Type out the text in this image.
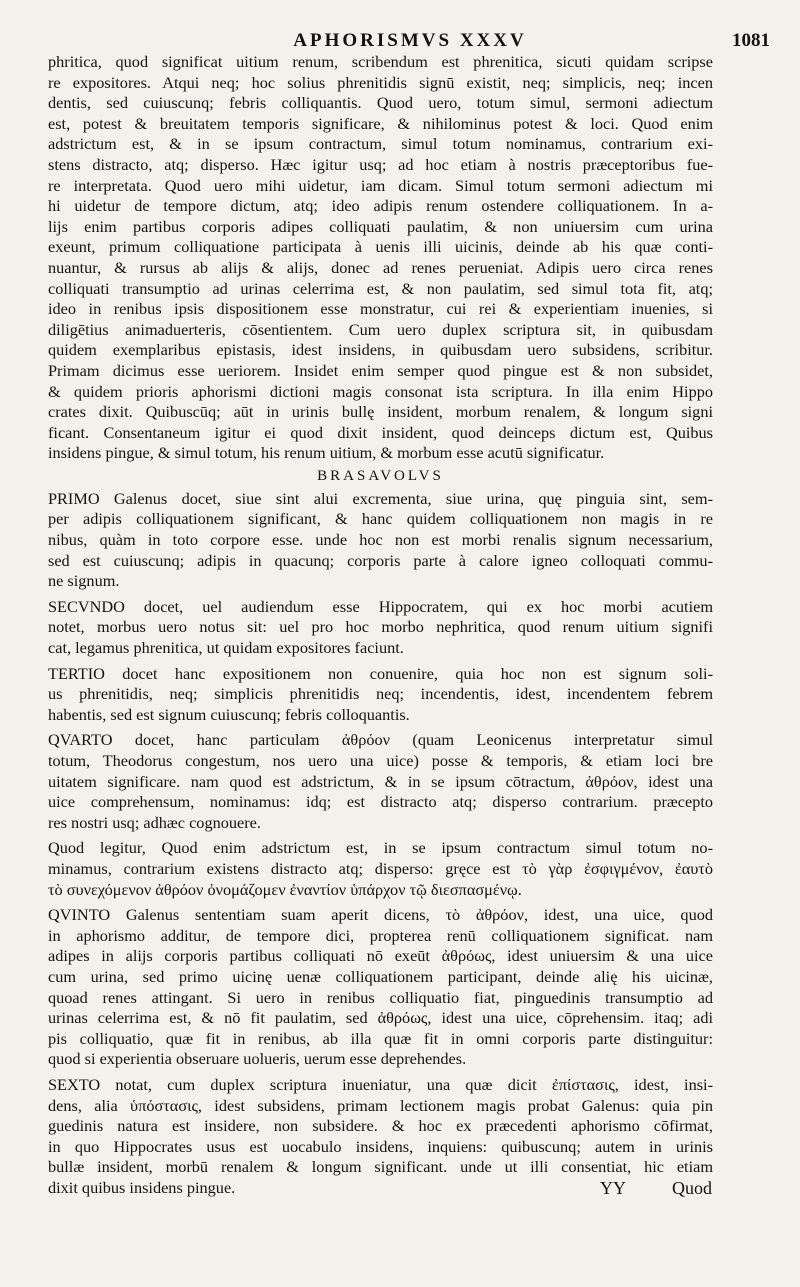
APHORISMVS XXXV	1081
phritica, quod significat uitium renum, scribendum est phrenitica, sicuti quidam scripse
re expositores. Atqui neq; hoc solius phrenitidis signū existit, neq; simplicis, neq; incen
dentis, sed cuiuscunq; febris colliquantis. Quod uero, totum simul, sermoni adiectum
est, potest & breuitatem temporis significare, & nihilominus potest & loci. Quod enim
adstrictum est, & in se ipsum contractum, simul totum nominamus, contrarium exi-
stens distracto, atq; disperso. Hæc igitur usq; ad hoc etiam à nostris præceptoribus fue-
re interpretata. Quod uero mihi uidetur, iam dicam. Simul totum sermoni adiectum mi
hi uidetur de tempore dictum, atq; ideo adipis renum ostendere colliquationem. In a-
lijs enim partibus corporis adipes colliquati paulatim, & non uniuersim cum urina
exeunt, primum colliquatione participata à uenis illi uicinis, deinde ab his quæ conti-
nuantur, & rursus ab alijs & alijs, donec ad renes perueniat. Adipis uero circa renes
colliquati transumptio ad urinas celerrima est, & non paulatim, sed simul tota fit, atq;
ideo in renibus ipsis dispositionem esse monstratur, cui rei & experientiam inuenies, si
diligētius animaduerteris, cōsentientem. Cum uero duplex scriptura sit, in quibusdam
quidem exemplaribus epistasis, idest insidens, in quibusdam uero subsidens, scribitur.
Primam dicimus esse ueriorem. Insidet enim semper quod pingue est & non subsidet,
& quidem prioris aphorismi dictioni magis consonat ista scriptura. In illa enim Hippo
crates dixit. Quibuscūq; aūt in urinis bullę insident, morbum renalem, & longum signi
ficant. Consentaneum igitur ei quod dixit insident, quod deinceps dictum est, Quibus
insidens pingue, & simul totum, his renum uitium, & morbum esse acutū significatur.
BRASAVOLVS
PRIMO Galenus docet, siue sint alui excrementa, siue urina, quę pinguia sint, sem-
per adipis colliquationem significant, & hanc quidem colliquationem non magis in re
nibus, quàm in toto corpore esse. unde hoc non est morbi renalis signum necessarium,
sed est cuiuscunq; adipis in quacunq; corporis parte à calore igneo colloquati commu-
ne signum.
SECVNDO docet, uel audiendum esse Hippocratem, qui ex hoc morbi acutiem
notet, morbus uero notus sit: uel pro hoc morbo nephritica, quod renum uitium signifi
cat, legamus phrenitica, ut quidam expositores faciunt.
TERTIO docet hanc expositionem non conuenire, quia hoc non est signum soli-
us phrenitidis, neq; simplicis phrenitidis neq; incendentis, idest, incendentem febrem
habentis, sed est signum cuiuscunq; febris colloquantis.
QVARTO docet, hanc particulam ἀθρόον (quam Leonicenus interpretatur simul
totum, Theodorus congestum, nos uero una uice) posse & temporis, & etiam loci bre
uitatem significare. nam quod est adstrictum, & in se ipsum cōtractum, ἀθρόον, idest una
uice comprehensum, nominamus: idq; est distracto atq; disperso contrarium. præcepto
res nostri usq; adhæc cognouere.
Quod legitur, Quod enim adstrictum est, in se ipsum contractum simul totum no-
minamus, contrarium existens distracto atq; disperso: gręce est τὸ γὰρ ἐσφιγμένον, ἐαυτὸ
τὸ συνεχόμενον ἀθρόον ὀνομάζομεν ἐναντίον ὑπάρχον τῷ διεσπασμένῳ.
QVINTO Galenus sententiam suam aperit dicens, τὸ ἀθρόον, idest, una uice, quod
in aphorismo additur, de tempore dici, propterea renū colliquationem significat. nam
adipes in alijs corporis partibus colliquati nō exeūt ἀθρόως, idest uniuersim & una uice
cum urina, sed primo uicinę uenæ colliquationem participant, deinde alię his uicinæ,
quoad renes attingant. Si uero in renibus colliquatio fiat, pinguedinis transumptio ad
urinas celerrima est, & nō fit paulatim, sed ἀθρόως, idest una uice, cōprehensim. itaq; adi
pis colliquatio, quæ fit in renibus, ab illa quæ fit in omni corporis parte distinguitur:
quod si experientia obseruare uolueris, uerum esse deprehendes.
SEXTO notat, cum duplex scriptura inueniatur, una quæ dicit ἐπίστασις, idest, insi-
dens, alia ὑπόστασις, idest subsidens, primam lectionem magis probat Galenus: quia pin
guedinis natura est insidere, non subsidere. & hoc ex præcedenti aphorismo cōfirmat,
in quo Hippocrates usus est uocabulo insidens, inquiens: quibuscunq; autem in urinis
bullæ insident, morbū renalem & longum significant. unde ut illi consentiat, hic etiam
dixit quibus insidens pingue.	YY	Quod
